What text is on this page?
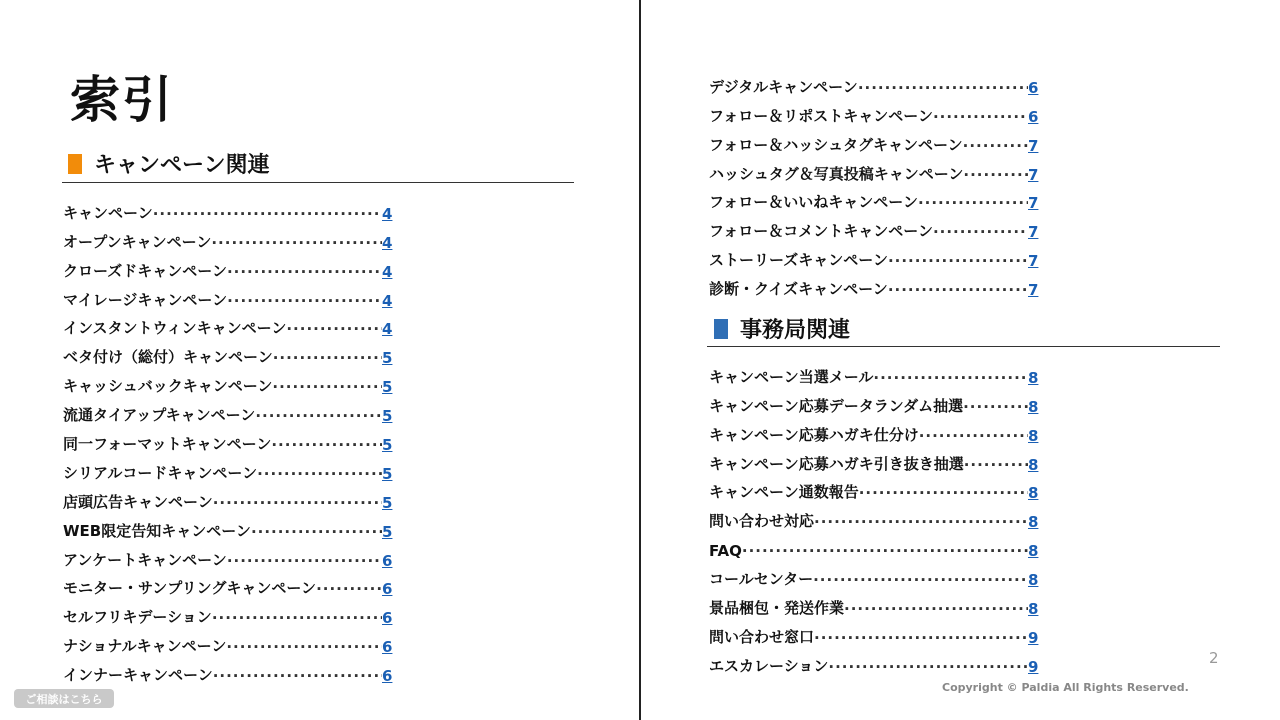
索引
キャンペーン関連
キャンペーン ·····	4
オープンキャンペーン ·····	4
クローズドキャンペーン ·····	4
マイレージキャンペーン ·····	4
インスタントウィンキャンペーン ·····	4
ベタ付け（総付）キャンペーン ·····	5
キャッシュバックキャンペーン ·····	5
流通タイアップキャンペーン ·····	5
同一フォーマットキャンペーン ·····	5
シリアルコードキャンペーン ·····	5
店頭広告キャンペーン ·····	5
WEB限定告知キャンペーン ·····	5
アンケートキャンペーン ·····	6
モニター・サンプリングキャンペーン ·····	6
セルフリキデーション ·····	6
ナショナルキャンペーン ·····	6
インナーキャンペーン ·····	6
デジタルキャンペーン ·····	6
フォロー＆リポストキャンペーン ·····	6
フォロー＆ハッシュタグキャンペーン ·····	7
ハッシュタグ＆写真投稿キャンペーン ·····	7
フォロー＆いいねキャンペーン ·····	7
フォロー＆コメントキャンペーン ·····	7
ストーリーズキャンペーン ·····	7
診断・クイズキャンペーン ·····	7
事務局関連
キャンペーン当選メール ·····	8
キャンペーン応募データランダム抽選 ·····	8
キャンペーン応募ハガキ仕分け ·····	8
キャンペーン応募ハガキ引き抜き抽選 ·····	8
キャンペーン通数報告 ·····	8
問い合わせ対応 ·····	8
FAQ ·····	8
コールセンター ·····	8
景品梱包・発送作業 ·····	8
問い合わせ窓口 ·····	9
エスカレーション ·····	9	2
Copyright © Paldia All Rights Reserved.
ご相談はこちら
